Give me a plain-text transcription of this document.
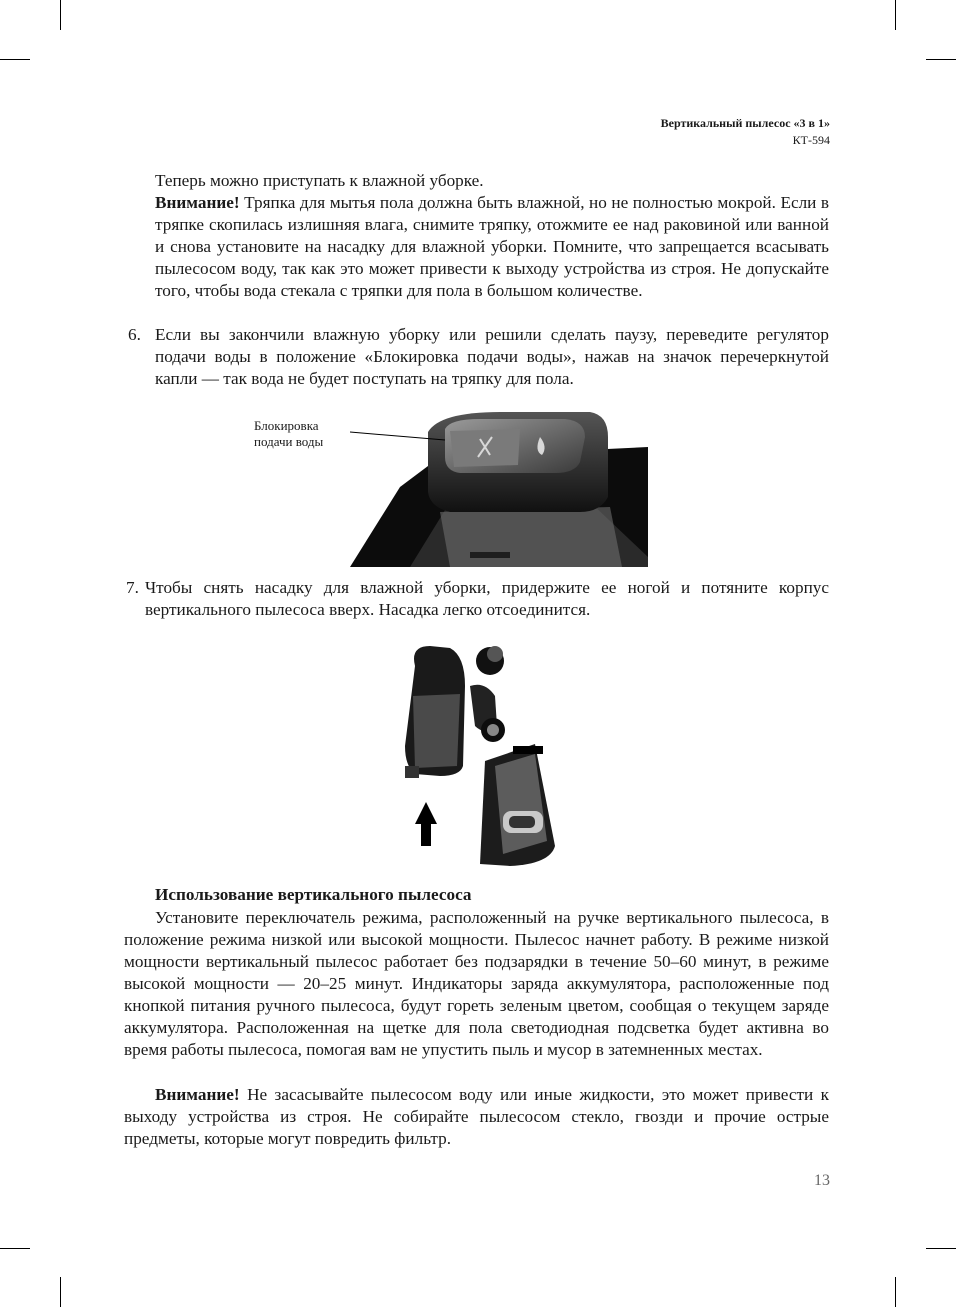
Вертикальный пылесос «3 в 1»
КТ-594

Теперь можно приступать к влажной уборке.
Внимание! Тряпка для мытья пола должна быть влажной, но не полностью мокрой. Если в тряпке скопилась излишняя влага, снимите тряпку, отожмите ее над раковиной или ванной и снова установите на насадку для влажной уборки. Помните, что запрещается всасывать пылесосом воду, так как это может привести к выходу устройства из строя. Не допускайте того, чтобы вода стекала с тряпки для пола в большом количестве.

6. Если вы закончили влажную уборку или решили сделать паузу, переведите регулятор подачи воды в положение «Блокировка подачи воды», нажав на значок перечеркнутой капли — так вода не будет поступать на тряпку для пола.

Блокировка
подачи воды
7. Чтобы снять насадку для влажной уборки, придержите ее ногой и потяните корпус вертикального пылесоса вверх. Насадка легко отсоединится.

Использование вертикального пылесоса

Установите переключатель режима, расположенный на ручке вертикального пылесоса, в положение режима низкой или высокой мощности. Пылесос начнет работу. В режиме низкой мощности вертикальный пылесос работает без подзарядки в течение 50–60 минут, в режиме высокой мощности — 20–25 минут. Индикаторы заряда аккумулятора, расположенные под кнопкой питания ручного пылесоса, будут гореть зеленым цветом, сообщая о текущем заряде аккумулятора. Расположенная на щетке для пола светодиодная подсветка будет активна во время работы пылесоса, помогая вам не упустить пыль и мусор в затемненных местах.

Внимание! Не засасывайте пылесосом воду или иные жидкости, это может привести к выходу устройства из строя. Не собирайте пылесосом стекло, гвозди и прочие острые предметы, которые могут повредить фильтр.

13
